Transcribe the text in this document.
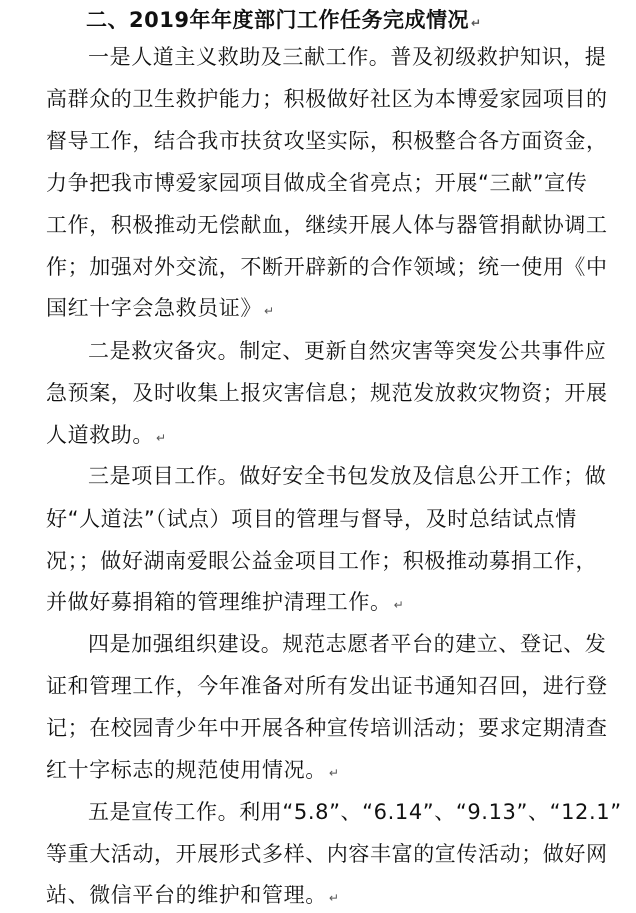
二、2019年年度部门工作任务完成情况 ↵
一是人道主义救助及三献工作。普及初级救护知识，提
高群众的卫生救护能力；积极做好社区为本博爱家园项目的
督导工作，结合我市扶贫攻坚实际，积极整合各方面资金，
力争把我市博爱家园项目做成全省亮点；开展“三献”宣传
工作，积极推动无偿献血，继续开展人体与器管捐献协调工
作；加强对外交流，不断开辟新的合作领域；统一使用《中
国红十字会急救员证》 ↵
二是救灾备灾。制定、更新自然灾害等突发公共事件应
急预案，及时收集上报灾害信息；规范发放救灾物资；开展
人道救助。 ↵
三是项目工作。做好安全书包发放及信息公开工作；做
好“人道法”（试点）项目的管理与督导，及时总结试点情
况；；做好湖南爱眼公益金项目工作；积极推动募捐工作，
并做好募捐箱的管理维护清理工作。 ↵
四是加强组织建设。规范志愿者平台的建立、登记、发
证和管理工作，今年准备对所有发出证书通知召回，进行登
记；在校园青少年中开展各种宣传培训活动；要求定期清查
红十字标志的规范使用情况。 ↵
五是宣传工作。利用“5.8”、“6.14”、“9.13”、“12.1”
等重大活动，开展形式多样、内容丰富的宣传活动；做好网
站、微信平台的维护和管理。 ↵
